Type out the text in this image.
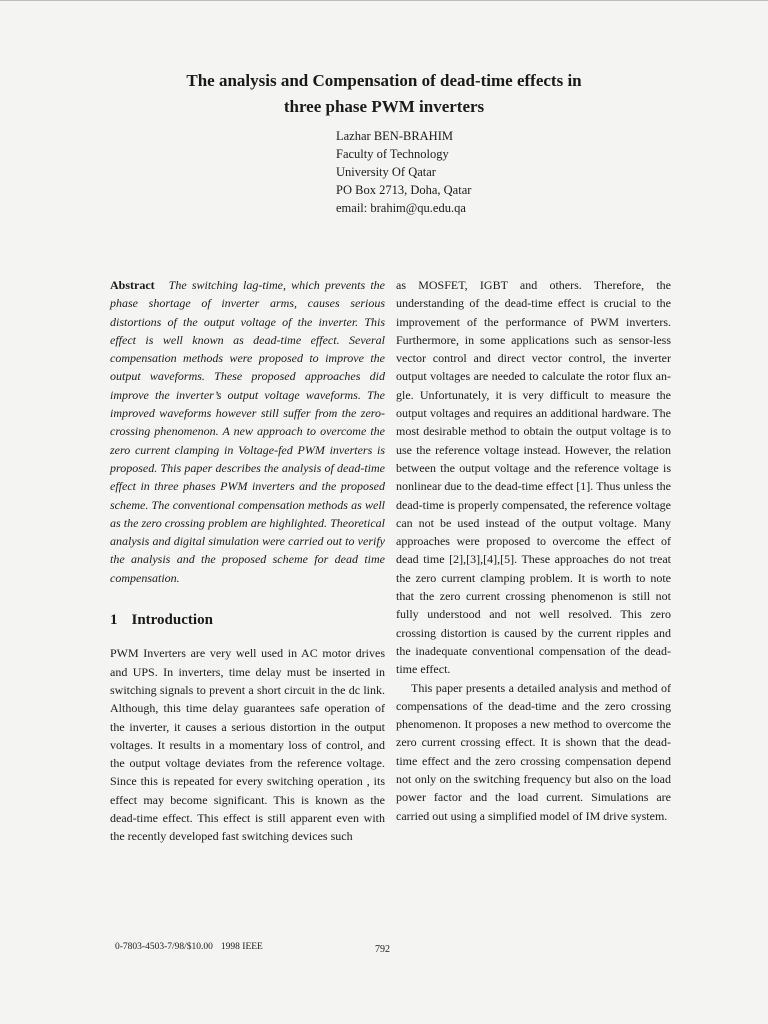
The analysis and Compensation of dead-time effects in
three phase PWM inverters
Lazhar BEN-BRAHIM
Faculty of Technology
University Of Qatar
PO Box 2713, Doha, Qatar
email: brahim@qu.edu.qa

Abstract The switching lag-time, which prevents the phase shortage of inverter arms, causes serious distortions of the output voltage of the inverter. This effect is well known as dead-time effect. Several compensation methods were proposed to improve the output waveforms. These proposed approaches did improve the inverter’s output voltage waveforms. The improved waveforms however still suffer from the zero-crossing phenomenon. A new approach to overcome the zero current clamping in Voltage-fed PWM inverters is proposed. This paper describes the analysis of dead-time effect in three phases PWM inverters and the proposed scheme. The conventional compensation methods as well as the zero crossing problem are highlighted. Theoretical analysis and digital simulation were carried out to verify the analysis and the proposed scheme for dead time compensation.

1 Introduction

PWM Inverters are very well used in AC motor drives and UPS. In inverters, time delay must be inserted in switching signals to prevent a short circuit in the dc link. Although, this time delay guarantees safe operation of the inverter, it causes a serious distortion in the output voltages. It results in a momentary loss of control, and the output voltage deviates from the reference voltage. Since this is repeated for every switching operation , its effect may become significant. This is known as the dead-time effect. This effect is still apparent even with the recently developed fast switching devices such

as MOSFET, IGBT and others. Therefore, the understanding of the dead-time effect is crucial to the improvement of the performance of PWM inverters. Furthermore, in some applications such as sensor-less vector control and direct vector control, the inverter output voltages are needed to calculate the rotor flux angle. Unfortunately, it is very difficult to measure the output voltages and requires an additional hardware. The most desirable method to obtain the output voltage is to use the reference voltage instead. However, the relation between the output voltage and the reference voltage is nonlinear due to the dead-time effect [1]. Thus unless the dead-time is properly compensated, the reference voltage can not be used instead of the output voltage. Many approaches were proposed to overcome the effect of dead time [2],[3],[4],[5]. These approaches do not treat the zero current clamping problem. It is worth to note that the zero current crossing phenomenon is still not fully understood and not well resolved. This zero crossing distortion is caused by the current ripples and the inadequate conventional compensation of the dead-time effect.

This paper presents a detailed analysis and method of compensations of the dead-time and the zero crossing phenomenon. It proposes a new method to overcome the zero current crossing effect. It is shown that the dead-time effect and the zero crossing compensation depend not only on the switching frequency but also on the load power factor and the load current. Simulations are carried out using a simplified model of IM drive system.

0-7803-4503-7/98/$10.00 1998 IEEE	792
